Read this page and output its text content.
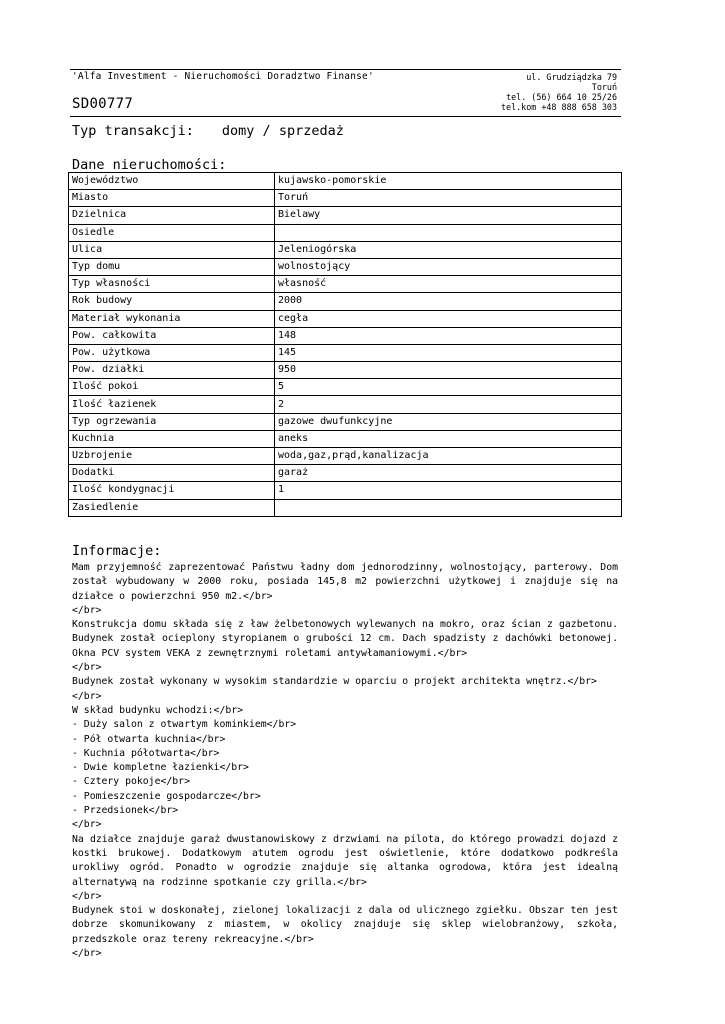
'Alfa Investment - Nieruchomości Doradztwo Finanse'
SD00777
ul. Grudziądzka 79
Toruń
tel. (56) 664 10 25/26
tel.kom +48 888 658 303
Typ transakcji: domy / sprzedaż
Dane nieruchomości:
Województwo	kujawsko-pomorskie
Miasto	Toruń
Dzielnica	Bielawy
Osiedle	
Ulica	Jeleniogórska
Typ domu	wolnostojący
Typ własności	własność
Rok budowy	2000
Materiał wykonania	cegła
Pow. całkowita	148
Pow. użytkowa	145
Pow. działki	950
Ilość pokoi	5
Ilość łazienek	2
Typ ogrzewania	gazowe dwufunkcyjne
Kuchnia	aneks
Uzbrojenie	woda,gaz,prąd,kanalizacja
Dodatki	garaż
Ilość kondygnacji	1
Zasiedlenie	
Informacje:

Mam przyjemność zaprezentować Państwu ładny dom jednorodzinny, wolnostojący, parterowy. Dom został wybudowany w 2000 roku, posiada 145,8 m2 powierzchni użytkowej i znajduje się na działce o powierzchni 950 m2.</br>

</br>

Konstrukcja domu składa się z ław żelbetonowych wylewanych na mokro, oraz ścian z gazbetonu. Budynek został ocieplony styropianem o grubości 12 cm. Dach spadzisty z dachówki betonowej. Okna PCV system VEKA z zewnętrznymi roletami antywłamaniowymi.</br>

</br>

Budynek został wykonany w wysokim standardzie w oparciu o projekt architekta wnętrz.</br>

</br>

W skład budynku wchodzi:</br>

- Duży salon z otwartym kominkiem</br>

- Pół otwarta kuchnia</br>

- Kuchnia półotwarta</br>

- Dwie kompletne łazienki</br>

- Cztery pokoje</br>

- Pomieszczenie gospodarcze</br>

- Przedsionek</br>

</br>

Na działce znajduje garaż dwustanowiskowy z drzwiami na pilota, do którego prowadzi dojazd z kostki brukowej. Dodatkowym atutem ogrodu jest oświetlenie, które dodatkowo podkreśla urokliwy ogród. Ponadto w ogrodzie znajduje się altanka ogrodowa, która jest idealną alternatywą na rodzinne spotkanie czy grilla.</br>

</br>

Budynek stoi w doskonałej, zielonej lokalizacji z dala od ulicznego zgiełku. Obszar ten jest dobrze skomunikowany z miastem, w okolicy znajduje się sklep wielobranżowy, szkoła, przedszkole oraz tereny rekreacyjne.</br>

</br>
